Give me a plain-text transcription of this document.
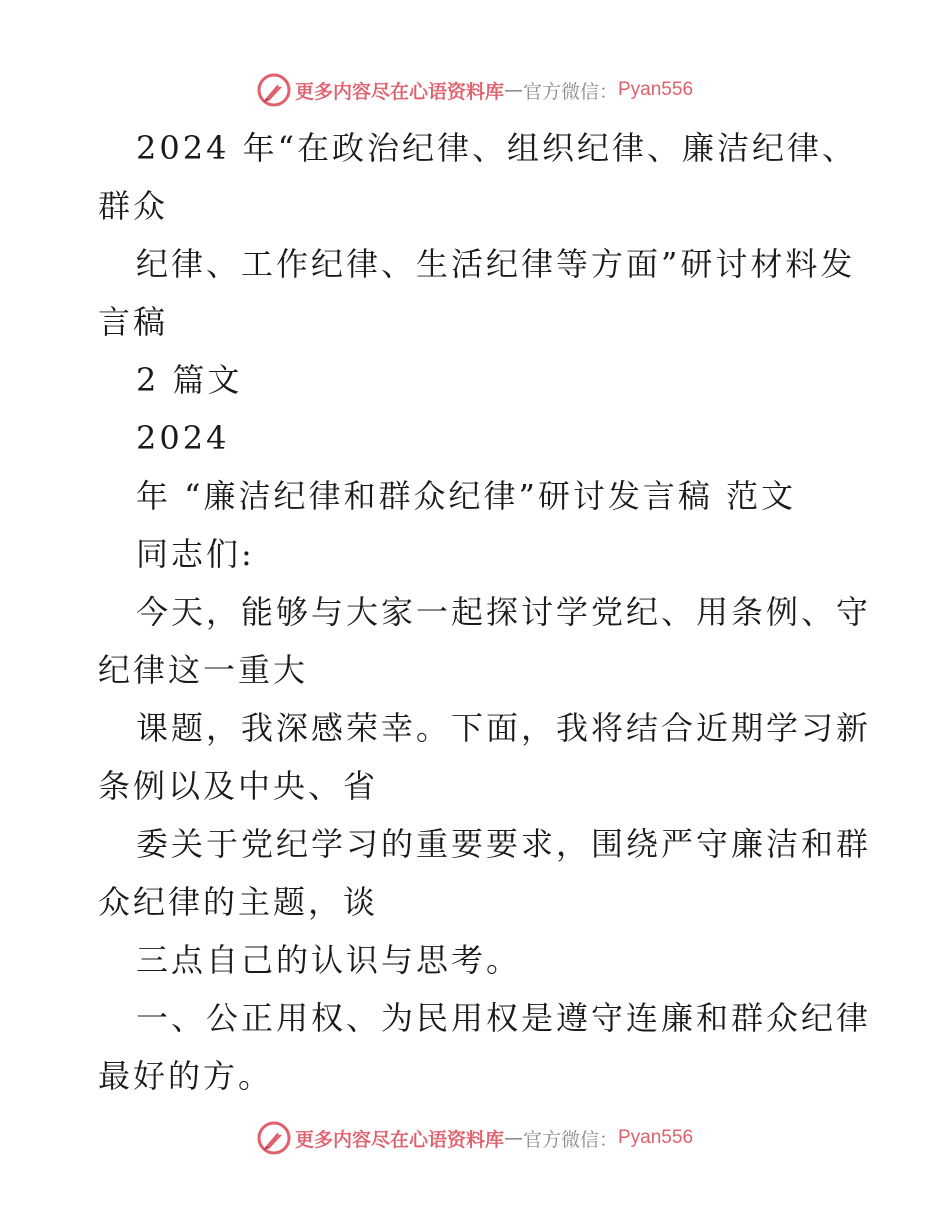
更多内容尽在心语资料库 — 官方微信： Pyan556
2024 年“在政治纪律、组织纪律、廉洁纪律、
群众
纪律、工作纪律、生活纪律等方面”研讨材料发
言稿
2 篇文
2024
年 “廉洁纪律和群众纪律”研讨发言稿 范文
同志们:
今天，能够与大家一起探讨学党纪、用条例、守
纪律这一重大
课题，我深感荣幸。下面，我将结合近期学习新
条例以及中央、省
委关于党纪学习的重要要求，围绕严守廉洁和群
众纪律的主题，谈
三点自己的认识与思考。
一、公正用权、为民用权是遵守连廉和群众纪律
最好的方。
更多内容尽在心语资料库 — 官方微信： Pyan556
